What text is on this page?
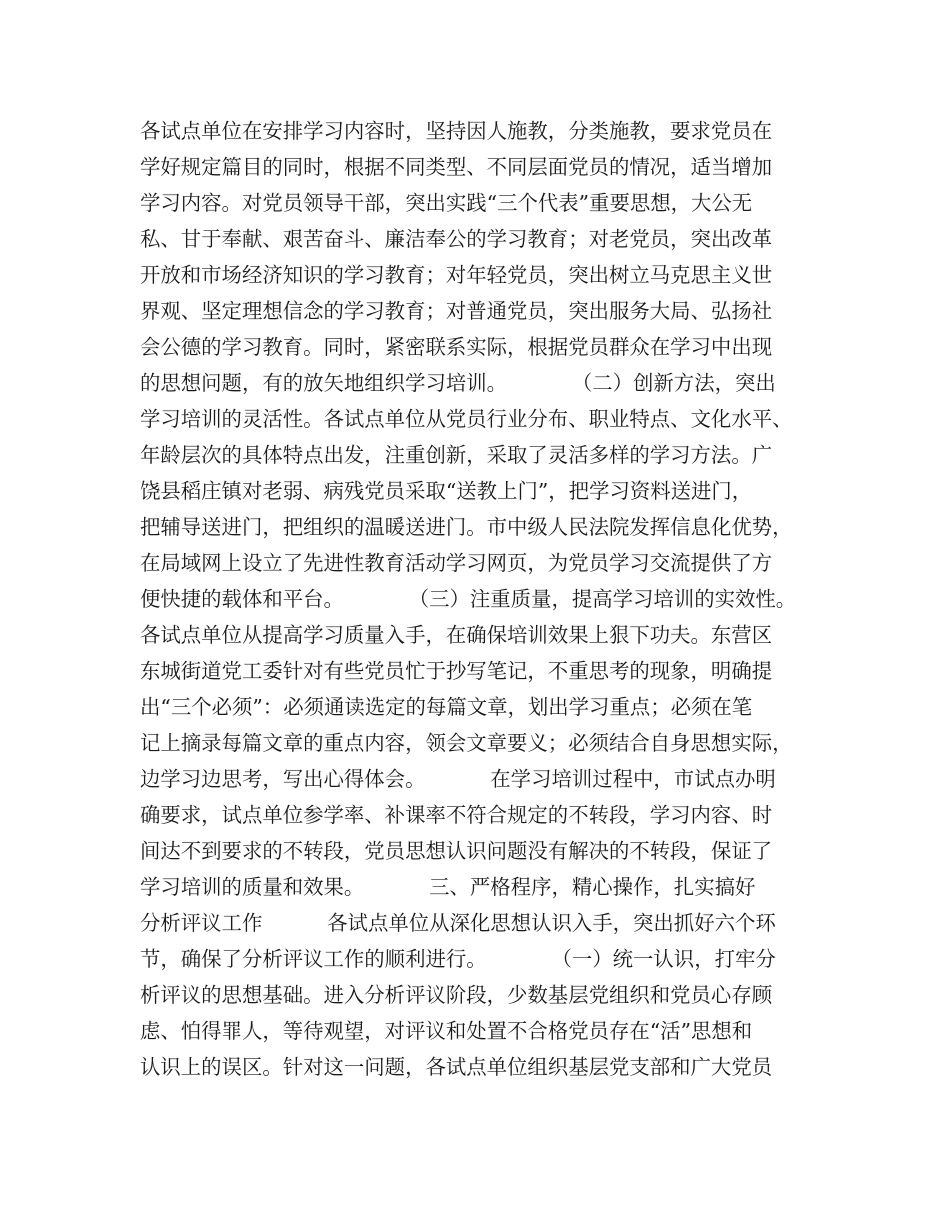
各试点单位在安排学习内容时，坚持因人施教，分类施教，要求党员在
学好规定篇目的同时，根据不同类型、不同层面党员的情况，适当增加
学习内容。对党员领导干部，突出实践“三个代表”重要思想，大公无
私、甘于奉献、艰苦奋斗、廉洁奉公的学习教育；对老党员，突出改革
开放和市场经济知识的学习教育；对年轻党员，突出树立马克思主义世
界观、坚定理想信念的学习教育；对普通党员，突出服务大局、弘扬社
会公德的学习教育。同时，紧密联系实际，根据党员群众在学习中出现
的思想问题，有的放矢地组织学习培训。          （二）创新方法，突出
学习培训的灵活性。各试点单位从党员行业分布、职业特点、文化水平、
年龄层次的具体特点出发，注重创新，采取了灵活多样的学习方法。广
饶县稻庄镇对老弱、病残党员采取“送教上门”，把学习资料送进门，
把辅导送进门，把组织的温暖送进门。市中级人民法院发挥信息化优势，
在局域网上设立了先进性教育活动学习网页，为党员学习交流提供了方
便快捷的载体和平台。          （三）注重质量，提高学习培训的实效性。
各试点单位从提高学习质量入手，在确保培训效果上狠下功夫。东营区
东城街道党工委针对有些党员忙于抄写笔记，不重思考的现象，明确提
出“三个必须”：必须通读选定的每篇文章，划出学习重点；必须在笔
记上摘录每篇文章的重点内容，领会文章要义；必须结合自身思想实际，
边学习边思考，写出心得体会。          在学习培训过程中，市试点办明
确要求，试点单位参学率、补课率不符合规定的不转段，学习内容、时
间达不到要求的不转段，党员思想认识问题没有解决的不转段，保证了
学习培训的质量和效果。          三、严格程序，精心操作，扎实搞好
分析评议工作          各试点单位从深化思想认识入手，突出抓好六个环
节，确保了分析评议工作的顺利进行。          （一）统一认识，打牢分
析评议的思想基础。进入分析评议阶段，少数基层党组织和党员心存顾
虑、怕得罪人，等待观望，对评议和处置不合格党员存在“活”思想和
认识上的误区。针对这一问题，各试点单位组织基层党支部和广大党员
